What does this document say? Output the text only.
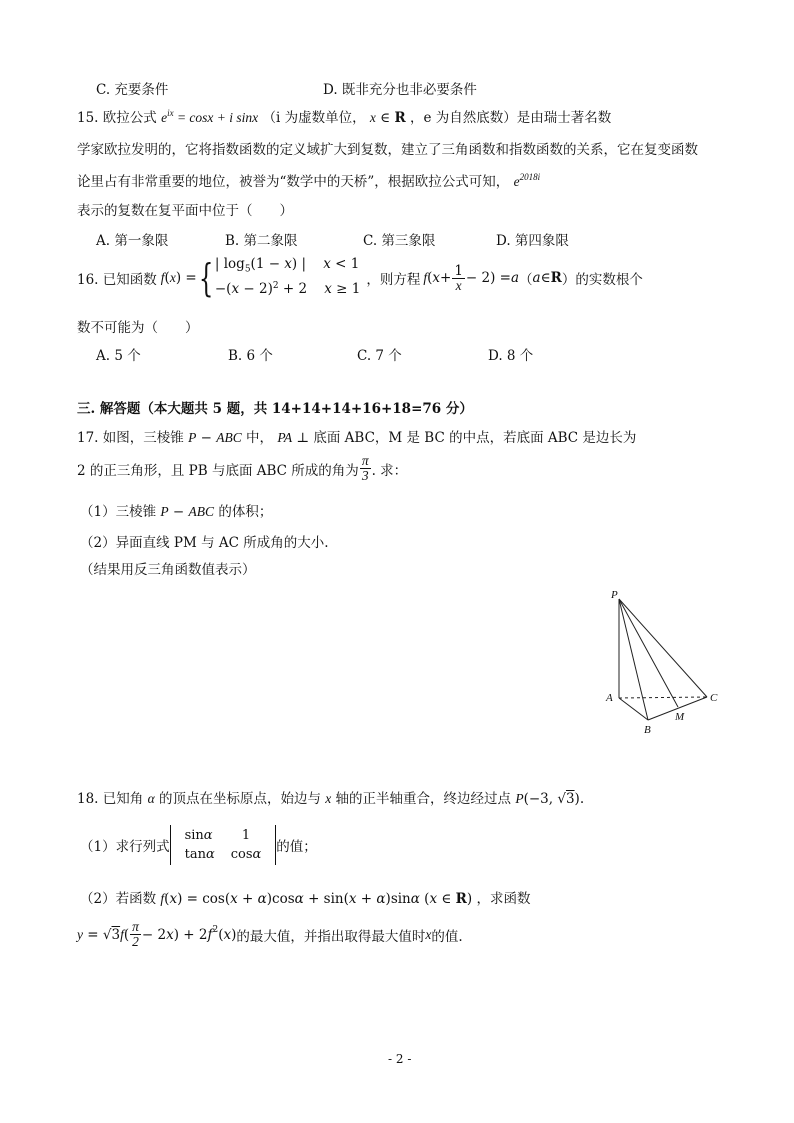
C. 充要条件	D. 既非充分也非必要条件
15. 欧拉公式 $e^{ix} = \cos x + i$ sinx （i 为虚数单位， x ∈ R ，e 为自然底数）是由瑞士著名数
学家欧拉发明的，它将指数函数的定义域扩大到复数，建立了三角函数和指数函数的关系，它在复变函数
论里占有非常重要的地位，被誉为“数学中的天桥”，根据欧拉公式可知， $e^{2018i}$
表示的复数在复平面中位于（　　）
A. 第一象限	B. 第二象限	C. 第三象限	D. 第四象限
16. 已知函数 f ( x ) = { | $\log_5(1 - x)$ |    x < 1
$-(x - 2)^2 + 2$    x ≥ 1
，则方程 f ( $x + \frac{1}{x} - 2) = a$ （ a ∈ R ）的实数根个
数不可能为（　　）
A. 5 个	B. 6 个	C. 7 个	D. 8 个
三. 解答题（本大题共 5 题，共 14+14+14+16+18=76 分）
17. 如图，三棱锥 P − ABC 中， PA ⊥ 底面 ABC，M 是 BC 的中点，若底面 ABC 是边长为
2 的正三角形，且 PB 与底面 ABC 所成的角为 $\frac{\pi}{3}$ . 求：
（1）三棱锥 P − ABC 的体积；
（2）异面直线 PM 与 AC 所成角的大小.
（结果用反三角函数值表示）
P
A
B
M
C
18. 已知角 α 的顶点在坐标原点，始边与 x 轴的正半轴重合，终边经过点 P(−3, √3).
（1）求行列式
sinα	1
tanα	cosα 的值；
（2）若函数 f(x) = cos(x + α)cosα + sin(x + α)sinα (x ∈ R) ，求函数
y = √ 3 f ( $\frac{\pi}{2} - 2$ x ) + 2 f 2 ( x ) 的最大值，并指出取得最大值时 x 的值.
- 2 -
